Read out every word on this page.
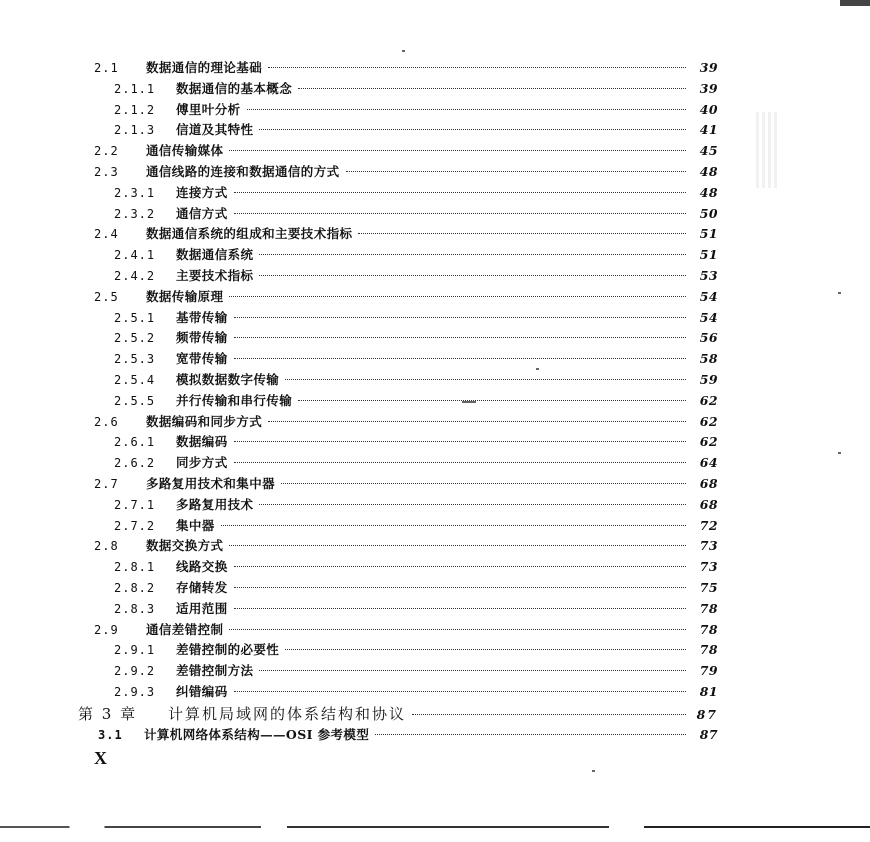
2.1	数据通信的理论基础	39
2.1.1	数据通信的基本概念	39
2.1.2	傅里叶分析	40
2.1.3	信道及其特性	41
2.2	通信传输媒体	45
2.3	通信线路的连接和数据通信的方式	48
2.3.1	连接方式	48
2.3.2	通信方式	50
2.4	数据通信系统的组成和主要技术指标	51
2.4.1	数据通信系统	51
2.4.2	主要技术指标	53
2.5	数据传输原理	54
2.5.1	基带传输	54
2.5.2	频带传输	56
2.5.3	宽带传输	58
2.5.4	模拟数据数字传输	59
2.5.5	并行传输和串行传输	62
2.6	数据编码和同步方式	62
2.6.1	数据编码	62
2.6.2	同步方式	64
2.7	多路复用技术和集中器	68
2.7.1	多路复用技术	68
2.7.2	集中器	72
2.8	数据交换方式	73
2.8.1	线路交换	73
2.8.2	存储转发	75
2.8.3	适用范围	78
2.9	通信差错控制	78
2.9.1	差错控制的必要性	78
2.9.2	差错控制方法	79
2.9.3	纠错编码	81
第 3 章	计算机局域网的体系结构和协议	87
3.1	计算机网络体系结构——OSI 参考模型	87
X
